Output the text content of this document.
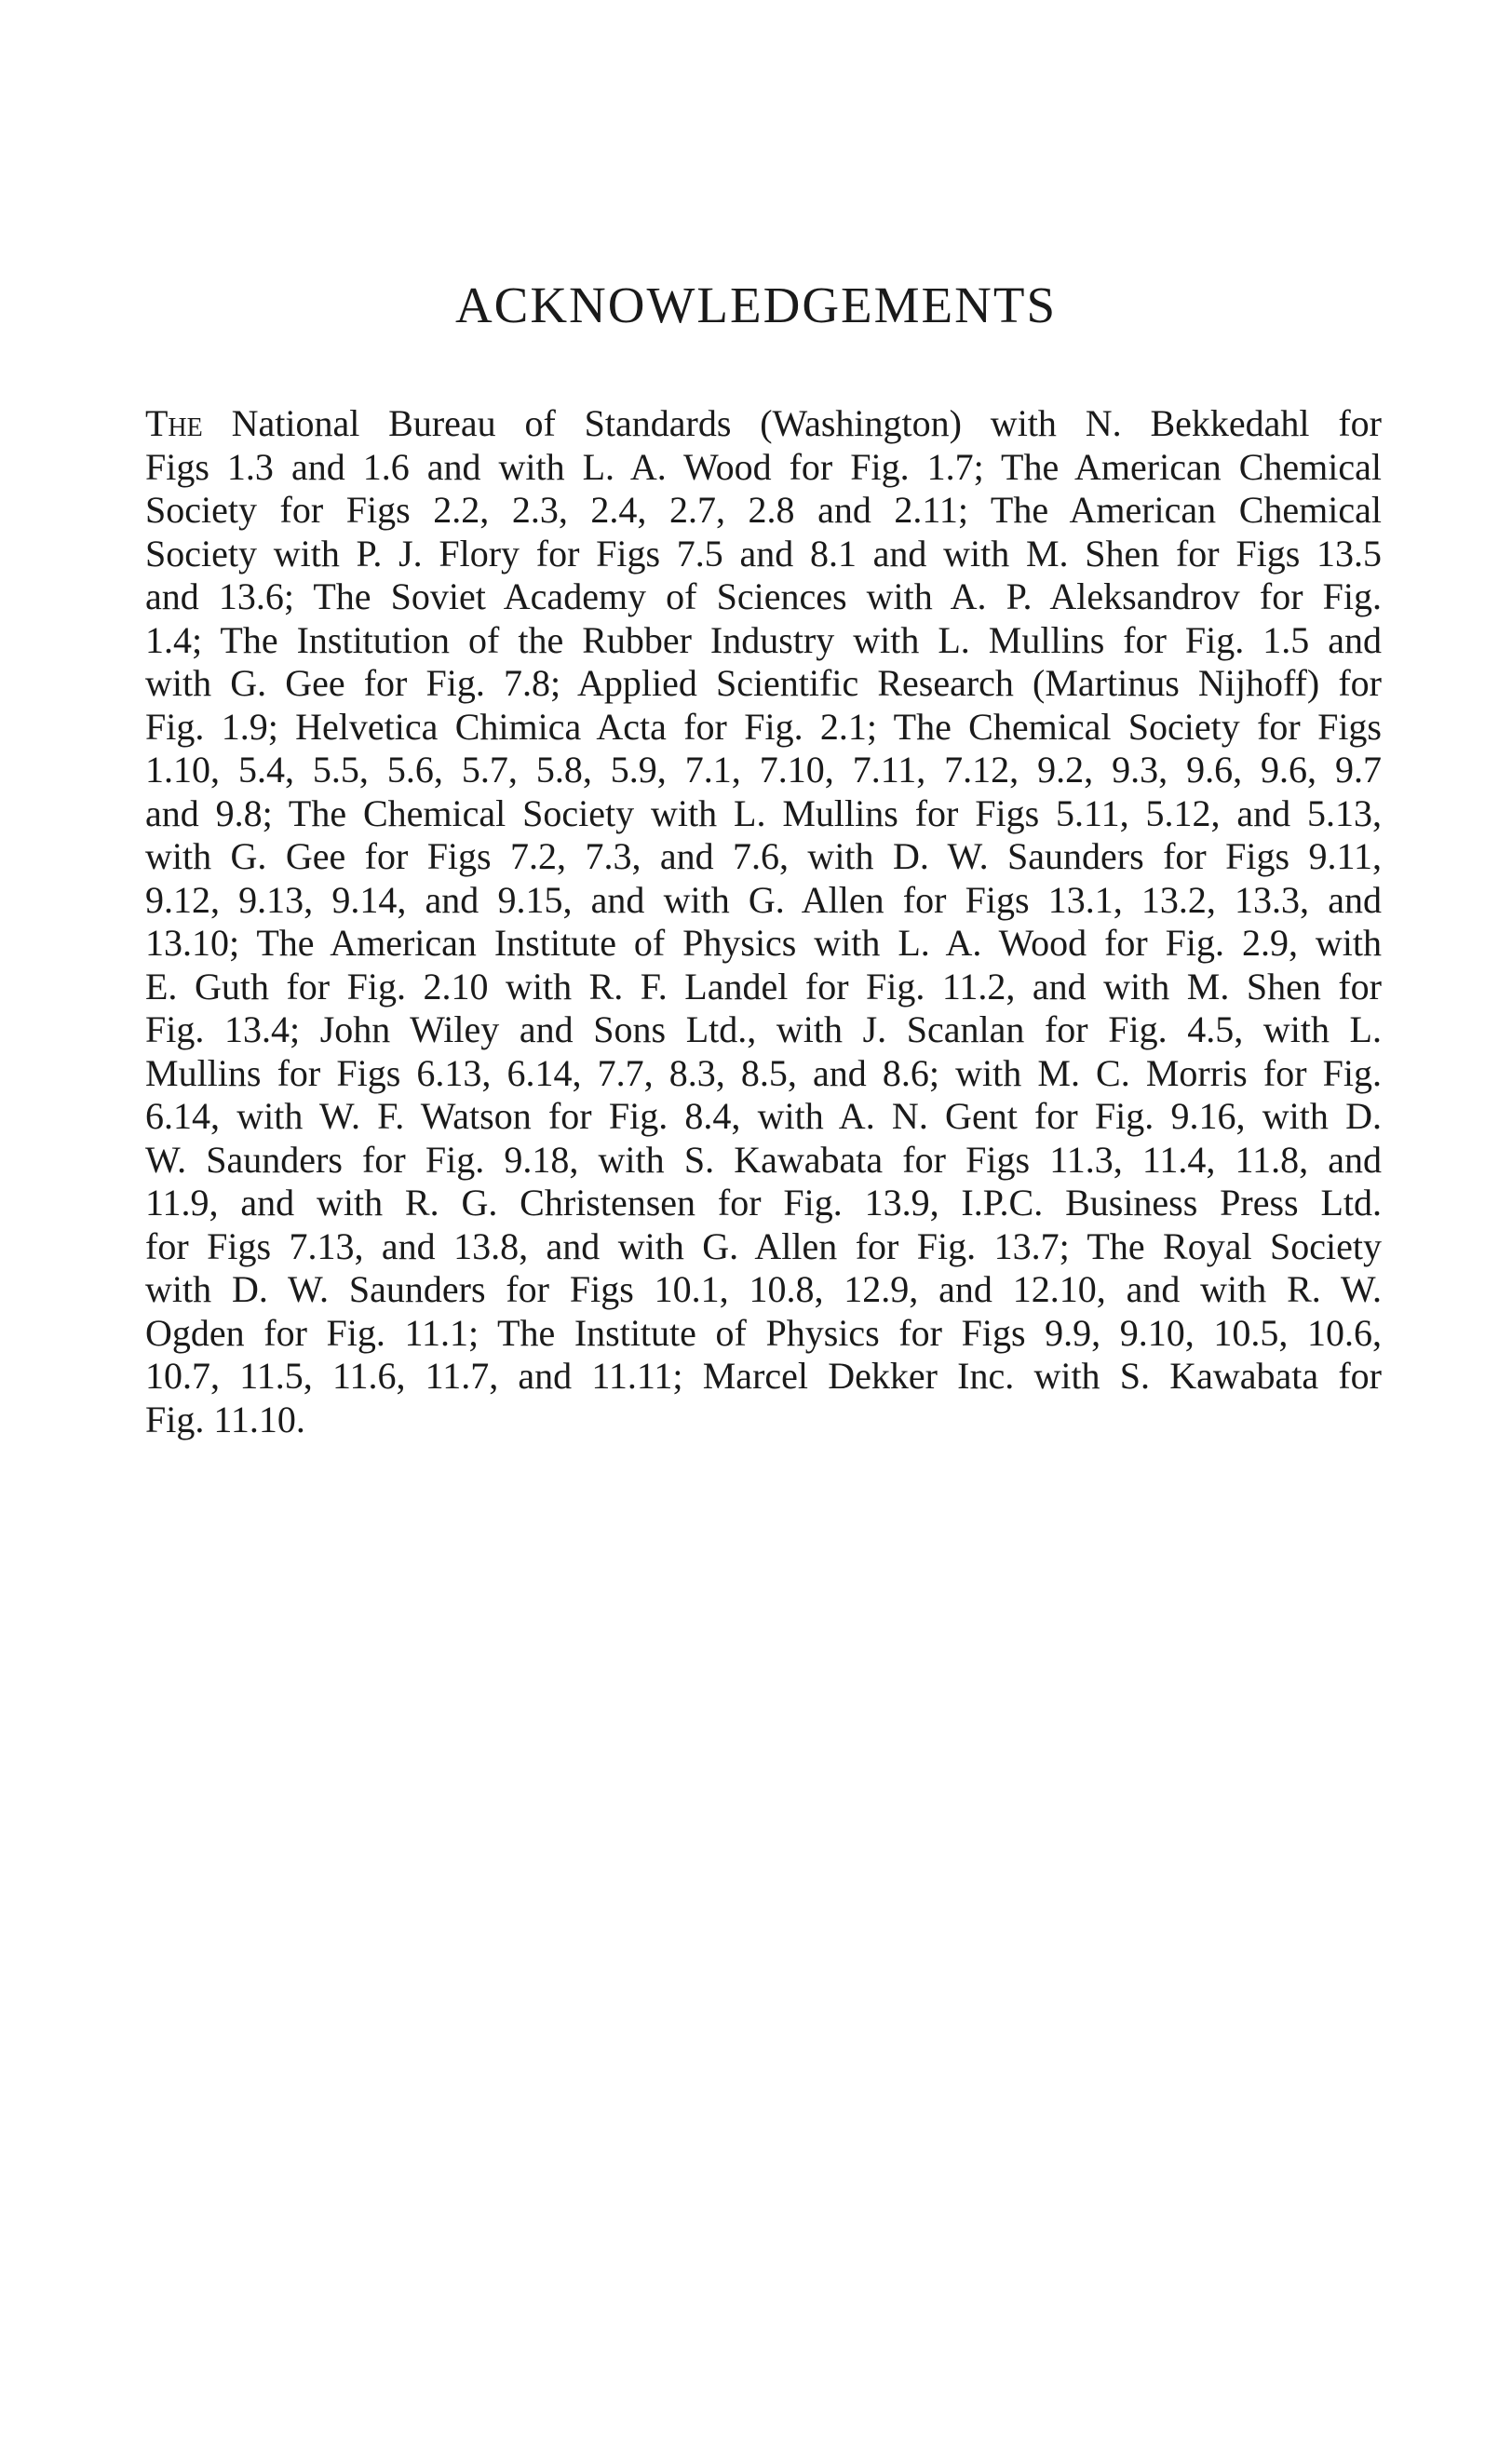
ACKNOWLEDGEMENTS
The National Bureau of Standards (Washington) with N. Bekkedahl for
Figs 1.3 and 1.6 and with L. A. Wood for Fig. 1.7; The American Chemical
Society for Figs 2.2, 2.3, 2.4, 2.7, 2.8 and 2.11; The American Chemical
Society with P. J. Flory for Figs 7.5 and 8.1 and with M. Shen for Figs 13.5
and 13.6; The Soviet Academy of Sciences with A. P. Aleksandrov for Fig.
1.4; The Institution of the Rubber Industry with L. Mullins for Fig. 1.5 and
with G. Gee for Fig. 7.8; Applied Scientific Research (Martinus Nijhoff) for
Fig. 1.9; Helvetica Chimica Acta for Fig. 2.1; The Chemical Society for Figs
1.10, 5.4, 5.5, 5.6, 5.7, 5.8, 5.9, 7.1, 7.10, 7.11, 7.12, 9.2, 9.3, 9.6, 9.6, 9.7
and 9.8; The Chemical Society with L. Mullins for Figs 5.11, 5.12, and 5.13,
with G. Gee for Figs 7.2, 7.3, and 7.6, with D. W. Saunders for Figs 9.11,
9.12, 9.13, 9.14, and 9.15, and with G. Allen for Figs 13.1, 13.2, 13.3, and
13.10; The American Institute of Physics with L. A. Wood for Fig. 2.9, with
E. Guth for Fig. 2.10 with R. F. Landel for Fig. 11.2, and with M. Shen for
Fig. 13.4; John Wiley and Sons Ltd., with J. Scanlan for Fig. 4.5, with L.
Mullins for Figs 6.13, 6.14, 7.7, 8.3, 8.5, and 8.6; with M. C. Morris for Fig.
6.14, with W. F. Watson for Fig. 8.4, with A. N. Gent for Fig. 9.16, with D.
W. Saunders for Fig. 9.18, with S. Kawabata for Figs 11.3, 11.4, 11.8, and
11.9, and with R. G. Christensen for Fig. 13.9, I.P.C. Business Press Ltd.
for Figs 7.13, and 13.8, and with G. Allen for Fig. 13.7; The Royal Society
with D. W. Saunders for Figs 10.1, 10.8, 12.9, and 12.10, and with R. W.
Ogden for Fig. 11.1; The Institute of Physics for Figs 9.9, 9.10, 10.5, 10.6,
10.7, 11.5, 11.6, 11.7, and 11.11; Marcel Dekker Inc. with S. Kawabata for
Fig. 11.10.
